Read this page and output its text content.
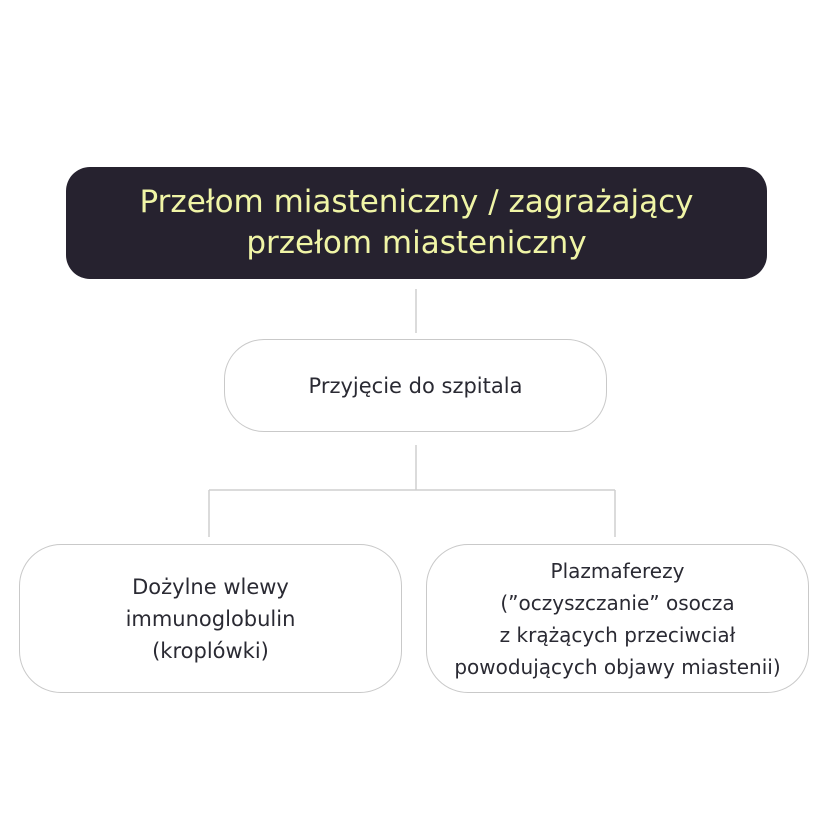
Przełom miasteniczny / zagrażający
przełom miasteniczny
Przyjęcie do szpitala
Dożylne wlewy
immunoglobulin
(kroplówki)
Plazmaferezy
(”oczyszczanie” osocza
z krążących przeciwciał
powodujących objawy miastenii)
